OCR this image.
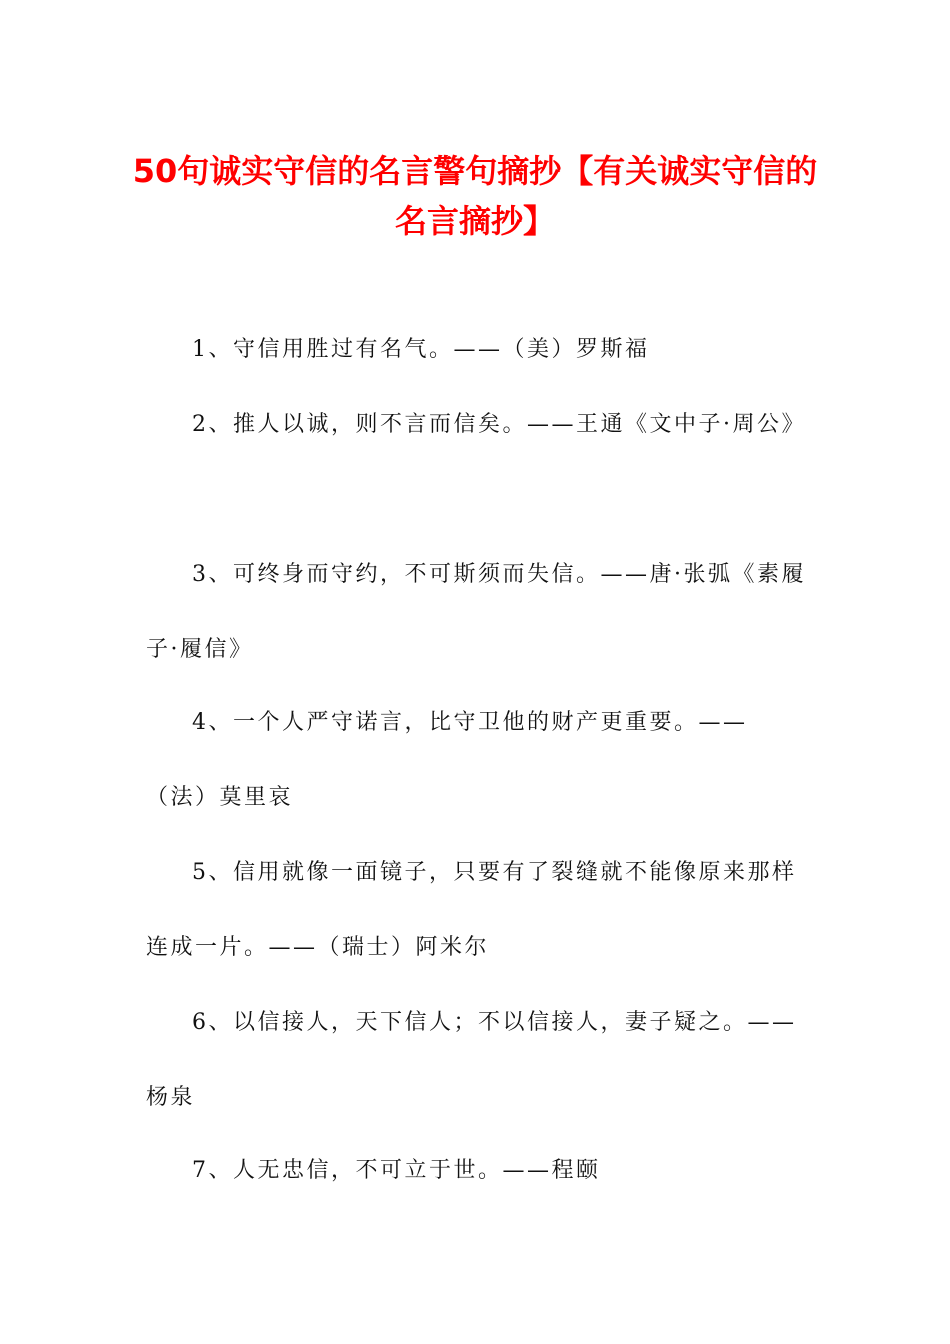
50句诚实守信的名言警句摘抄【有关诚实守信的名言摘抄】

1、守信用胜过有名气。——（美）罗斯福

2、推人以诚，则不言而信矣。——王通《文中子·周公》

3、可终身而守约，不可斯须而失信。——唐·张弧《素履子·履信》

4、一个人严守诺言，比守卫他的财产更重要。——（法）莫里哀

5、信用就像一面镜子，只要有了裂缝就不能像原来那样连成一片。——（瑞士）阿米尔

6、以信接人，天下信人；不以信接人，妻子疑之。——杨泉

7、人无忠信，不可立于世。——程颐
